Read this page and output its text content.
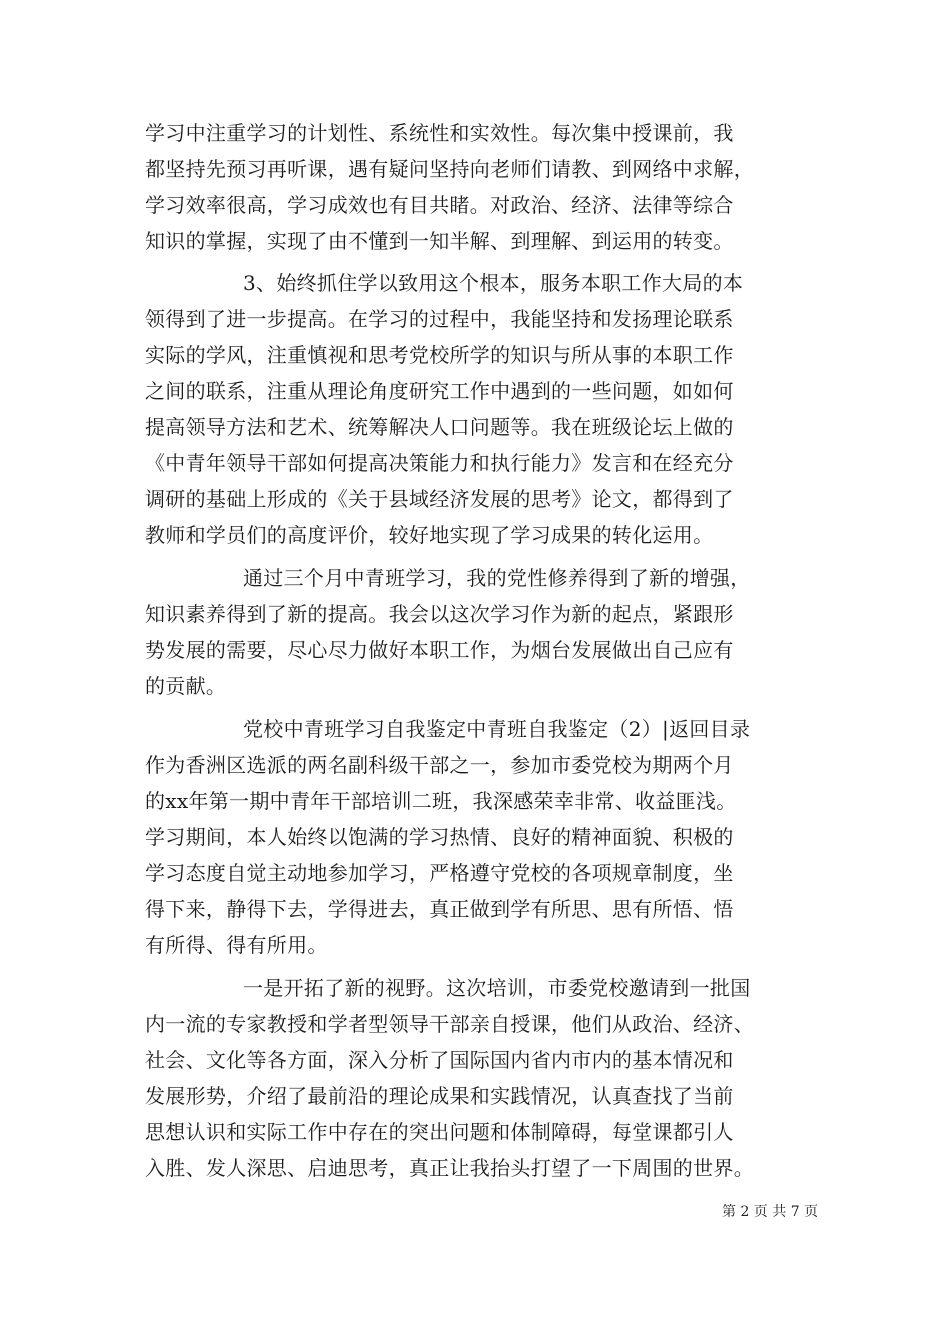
学习中注重学习的计划性、系统性和实效性。每次集中授课前，我
都坚持先预习再听课，遇有疑问坚持向老师们请教、到网络中求解，
学习效率很高，学习成效也有目共睹。对政治、经济、法律等综合
知识的掌握，实现了由不懂到一知半解、到理解、到运用的转变。
3、始终抓住学以致用这个根本，服务本职工作大局的本
领得到了进一步提高。在学习的过程中，我能坚持和发扬理论联系
实际的学风，注重慎视和思考党校所学的知识与所从事的本职工作
之间的联系，注重从理论角度研究工作中遇到的一些问题，如如何
提高领导方法和艺术、统筹解决人口问题等。我在班级论坛上做的
《中青年领导干部如何提高决策能力和执行能力》发言和在经充分
调研的基础上形成的《关于县域经济发展的思考》论文，都得到了
教师和学员们的高度评价，较好地实现了学习成果的转化运用。
通过三个月中青班学习，我的党性修养得到了新的增强，
知识素养得到了新的提高。我会以这次学习作为新的起点，紧跟形
势发展的需要，尽心尽力做好本职工作，为烟台发展做出自己应有
的贡献。
党校中青班学习自我鉴定中青班自我鉴定（2）|返回目录
作为香洲区选派的两名副科级干部之一，参加市委党校为期两个月
的xx年第一期中青年干部培训二班，我深感荣幸非常、收益匪浅。
学习期间，本人始终以饱满的学习热情、良好的精神面貌、积极的
学习态度自觉主动地参加学习，严格遵守党校的各项规章制度，坐
得下来，静得下去，学得进去，真正做到学有所思、思有所悟、悟
有所得、得有所用。
一是开拓了新的视野。这次培训，市委党校邀请到一批国
内一流的专家教授和学者型领导干部亲自授课，他们从政治、经济、
社会、文化等各方面，深入分析了国际国内省内市内的基本情况和
发展形势，介绍了最前沿的理论成果和实践情况，认真查找了当前
思想认识和实际工作中存在的突出问题和体制障碍，每堂课都引人
入胜、发人深思、启迪思考，真正让我抬头打望了一下周围的世界。
第 2 页 共 7 页
